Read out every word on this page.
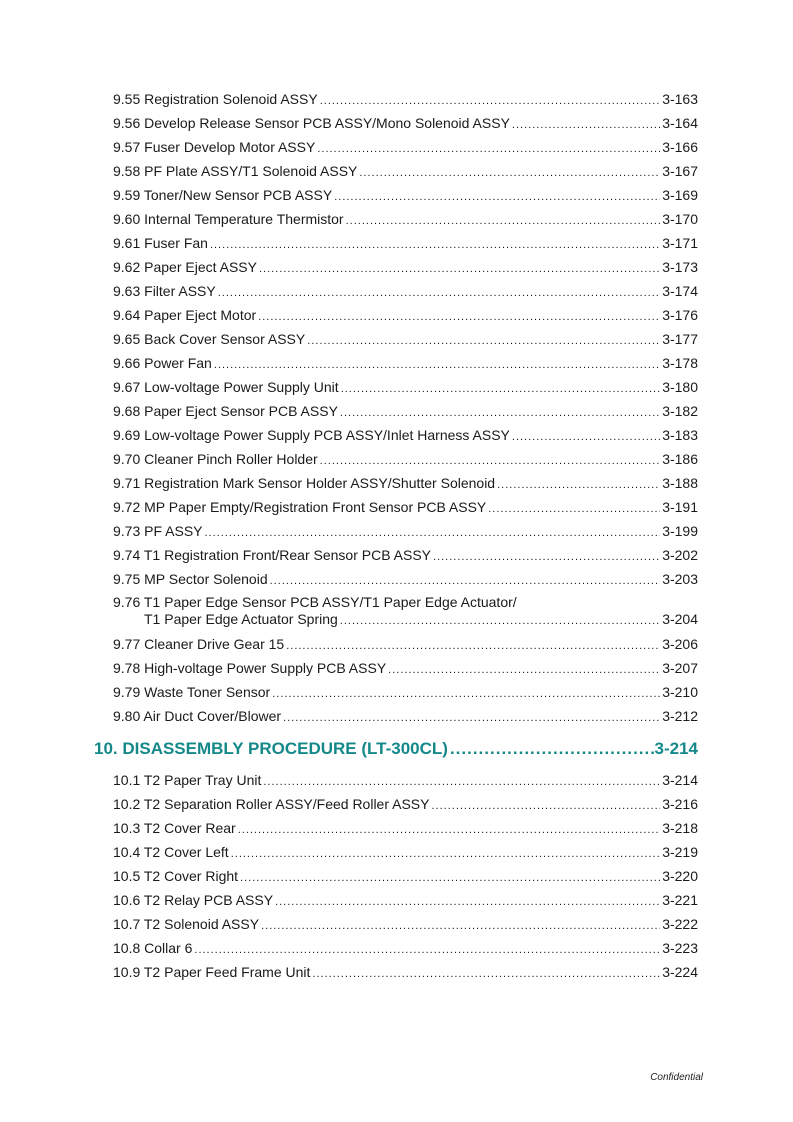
9.55 Registration Solenoid ASSY .....	3-163
9.56 Develop Release Sensor PCB ASSY/Mono Solenoid ASSY .....	3-164
9.57 Fuser Develop Motor ASSY .....	3-166
9.58 PF Plate ASSY/T1 Solenoid ASSY .....	3-167
9.59 Toner/New Sensor PCB ASSY .....	3-169
9.60 Internal Temperature Thermistor .....	3-170
9.61 Fuser Fan .....	3-171
9.62 Paper Eject ASSY .....	3-173
9.63 Filter ASSY .....	3-174
9.64 Paper Eject Motor .....	3-176
9.65 Back Cover Sensor ASSY .....	3-177
9.66 Power Fan .....	3-178
9.67 Low-voltage Power Supply Unit .....	3-180
9.68 Paper Eject Sensor PCB ASSY .....	3-182
9.69 Low-voltage Power Supply PCB ASSY/Inlet Harness ASSY .....	3-183
9.70 Cleaner Pinch Roller Holder .....	3-186
9.71 Registration Mark Sensor Holder ASSY/Shutter Solenoid .....	3-188
9.72 MP Paper Empty/Registration Front Sensor PCB ASSY .....	3-191
9.73 PF ASSY .....	3-199
9.74 T1 Registration Front/Rear Sensor PCB ASSY .....	3-202
9.75 MP Sector Solenoid .....	3-203
9.76 T1 Paper Edge Sensor PCB ASSY/T1 Paper Edge Actuator/
T1 Paper Edge Actuator Spring .....	3-204
9.77 Cleaner Drive Gear 15 .....	3-206
9.78 High-voltage Power Supply PCB ASSY .....	3-207
9.79 Waste Toner Sensor .....	3-210
9.80 Air Duct Cover/Blower .....	3-212
10. DISASSEMBLY PROCEDURE (LT-300CL) .....	3-214
10.1 T2 Paper Tray Unit .....	3-214
10.2 T2 Separation Roller ASSY/Feed Roller ASSY .....	3-216
10.3 T2 Cover Rear .....	3-218
10.4 T2 Cover Left .....	3-219
10.5 T2 Cover Right .....	3-220
10.6 T2 Relay PCB ASSY .....	3-221
10.7 T2 Solenoid ASSY .....	3-222
10.8 Collar 6 .....	3-223
10.9 T2 Paper Feed Frame Unit .....	3-224
Confidential
